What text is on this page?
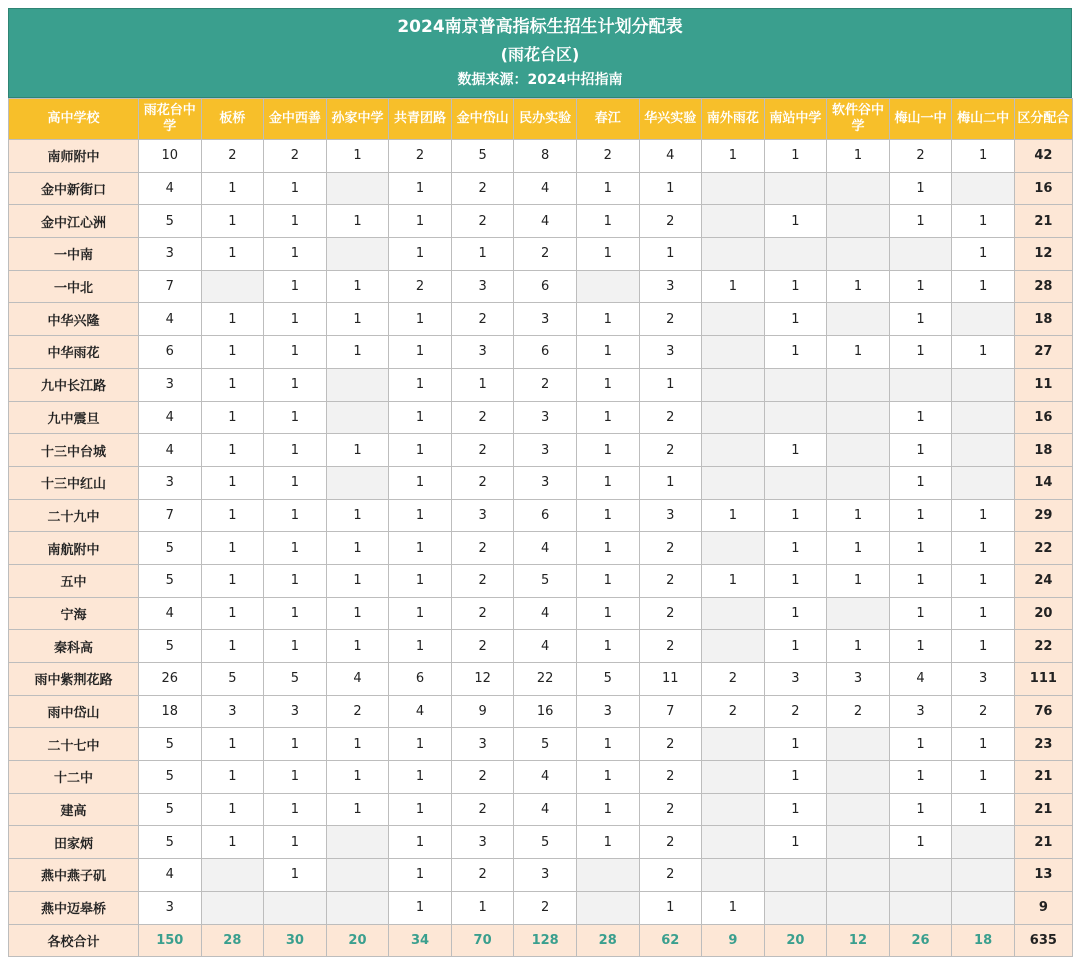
2024南京普高指标生招生计划分配表
(雨花台区)
数据来源：2024中招指南
高中学校	雨花台中学	板桥	金中西善	孙家中学	共青团路	金中岱山	民办实验	春江	华兴实验	南外雨花	南站中学	软件谷中学	梅山一中	梅山二中	区分配合
南师附中	10	2	2	1	2	5	8	2	4	1	1	1	2	1	42
金中新街口	4	1	1		1	2	4	1	1				1		16
金中江心洲	5	1	1	1	1	2	4	1	2		1		1	1	21
一中南	3	1	1		1	1	2	1	1					1	12
一中北	7		1	1	2	3	6		3	1	1	1	1	1	28
中华兴隆	4	1	1	1	1	2	3	1	2		1		1		18
中华雨花	6	1	1	1	1	3	6	1	3		1	1	1	1	27
九中长江路	3	1	1		1	1	2	1	1						11
九中震旦	4	1	1		1	2	3	1	2				1		16
十三中台城	4	1	1	1	1	2	3	1	2		1		1		18
十三中红山	3	1	1		1	2	3	1	1				1		14
二十九中	7	1	1	1	1	3	6	1	3	1	1	1	1	1	29
南航附中	5	1	1	1	1	2	4	1	2		1	1	1	1	22
五中	5	1	1	1	1	2	5	1	2	1	1	1	1	1	24
宁海	4	1	1	1	1	2	4	1	2		1		1	1	20
秦科高	5	1	1	1	1	2	4	1	2		1	1	1	1	22
雨中紫荆花路	26	5	5	4	6	12	22	5	11	2	3	3	4	3	111
雨中岱山	18	3	3	2	4	9	16	3	7	2	2	2	3	2	76
二十七中	5	1	1	1	1	3	5	1	2		1		1	1	23
十二中	5	1	1	1	1	2	4	1	2		1		1	1	21
建高	5	1	1	1	1	2	4	1	2		1		1	1	21
田家炳	5	1	1		1	3	5	1	2		1		1		21
燕中燕子矶	4		1		1	2	3		2						13
燕中迈皋桥	3				1	1	2		1	1					9
各校合计	150	28	30	20	34	70	128	28	62	9	20	12	26	18	635
